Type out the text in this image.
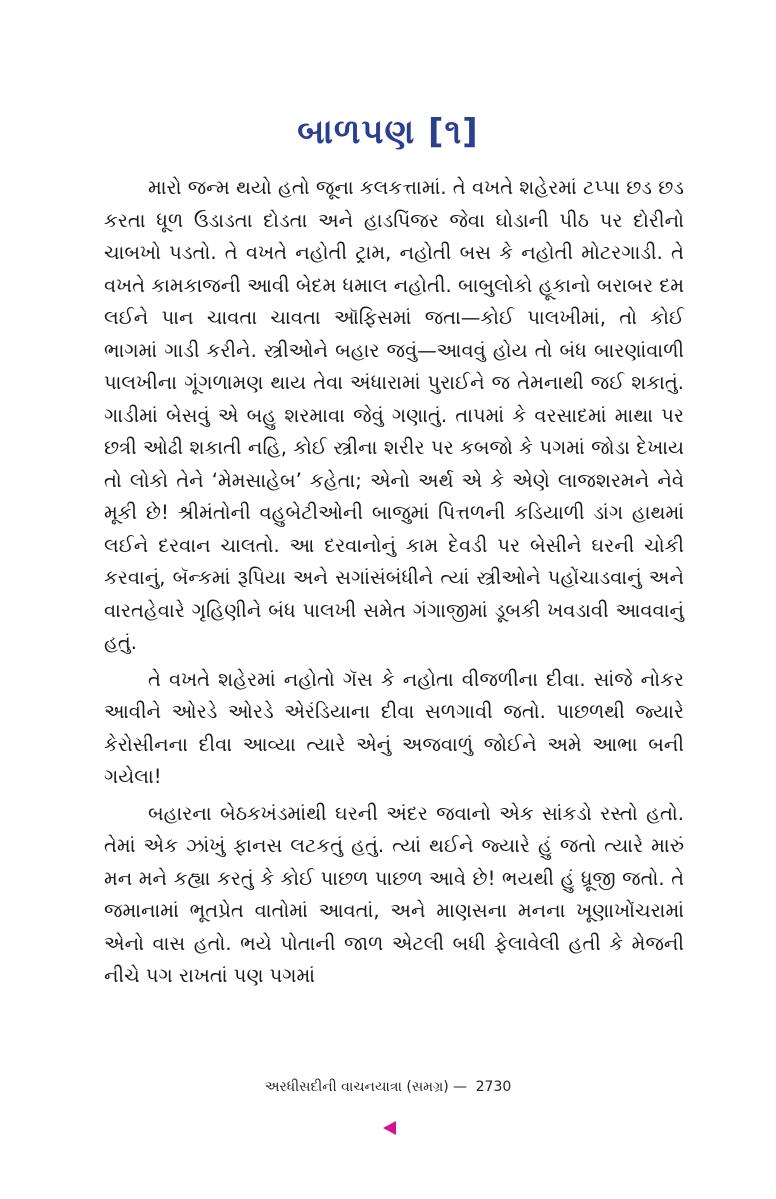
બાળપણ [૧]

મારો જન્મ થયો હતો જૂના કલકત્તામાં. તે વખતે શહેરમાં ટપ્પા છડ છડ કરતા ધૂળ ઉડાડતા દોડતા અને હાડપિંજર જેવા ઘોડાની પીઠ પર દોરીનો ચાબખો પડતો. તે વખતે નહોતી ટ્રામ, નહોતી બસ કે નહોતી મોટરગાડી. તે વખતે કામકાજની આવી બેદમ ધમાલ નહોતી. બાબુલોકો હૂકાનો બરાબર દમ લઈને પાન ચાવતા ચાવતા ઑફિસમાં જતા—કોઈ પાલખીમાં, તો કોઈ ભાગમાં ગાડી કરીને. સ્ત્રીઓને બહાર જવું—આવવું હોય તો બંધ બારણાંવાળી પાલખીના ગૂંગળામણ થાય તેવા અંધારામાં પુરાઈને જ તેમનાથી જઈ શકાતું. ગાડીમાં બેસવું એ બહુ શરમાવા જેવું ગણાતું. તાપમાં કે વરસાદમાં માથા પર છત્રી ઓઢી શકાતી નહિ, કોઈ સ્ત્રીના શરીર પર કબજો કે પગમાં જોડા દેખાય તો લોકો તેને ‘મેમસાહેબ’ કહેતા; એનો અર્થ એ કે એણે લાજશરમને નેવે મૂકી છે! શ્રીમંતોની વહુબેટીઓની બાજુમાં પિત્તળની કડિયાળી ડાંગ હાથમાં લઈને દરવાન ચાલતો. આ દરવાનોનું કામ દેવડી પર બેસીને ઘરની ચોકી કરવાનું, બૅન્કમાં રૂપિયા અને સગાંસંબંધીને ત્યાં સ્ત્રીઓને પહોંચાડવાનું અને વારતહેવારે ગૃહિણીને બંધ પાલખી સમેત ગંગાજીમાં ડૂબકી ખવડાવી આવવાનું હતું.

તે વખતે શહેરમાં નહોતો ગૅસ કે નહોતા વીજળીના દીવા. સાંજે નોકર આવીને ઓરડે ઓરડે એરંડિયાના દીવા સળગાવી જતો. પાછળથી જ્યારે કેરોસીનના દીવા આવ્યા ત્યારે એનું અજવાળું જોઈને અમે આભા બની ગયેલા!

બહારના બેઠકખંડમાંથી ઘરની અંદર જવાનો એક સાંકડો રસ્તો હતો. તેમાં એક ઝાંખું ફાનસ લટકતું હતું. ત્યાં થઈને જ્યારે હું જતો ત્યારે મારું મન મને કહ્યા કરતું કે કોઈ પાછળ પાછળ આવે છે! ભયથી હું ધ્રૂજી જતો. તે જમાનામાં ભૂતપ્રેત વાતોમાં આવતાં, અને માણસના મનના ખૂણાખોંચરામાં એનો વાસ હતો. ભયે પોતાની જાળ એટલી બધી ફેલાવેલી હતી કે મેજની નીચે પગ રાખતાં પણ પગમાં

અરધીસદીની વાચનયાત્રા (સમગ્ર) — 2730
